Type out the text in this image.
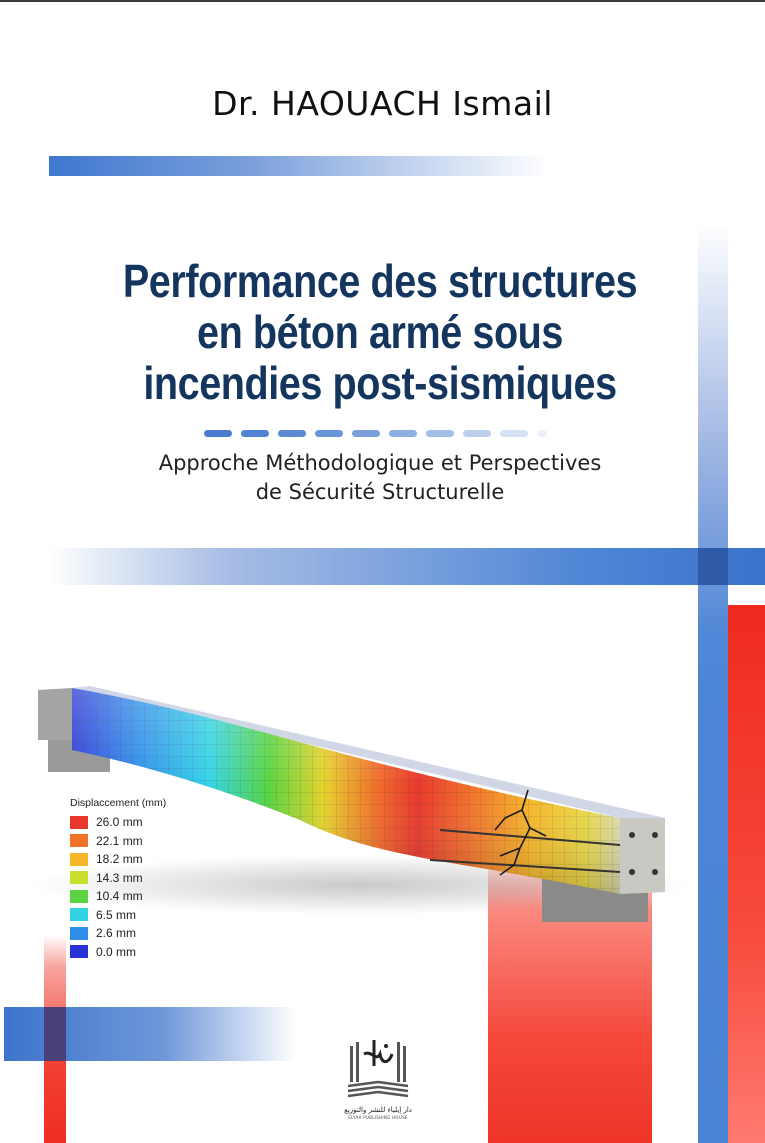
Dr. HAOUACH Ismail
Performance des structures
en béton armé sous
incendies post-sismiques
Approche Méthodologique et Perspectives
de Sécurité Structurelle
Displaccement (mm)
26.0 mm
22.1 mm
18.2 mm
14.3 mm
10.4 mm
6.5 mm
2.6 mm
0.0 mm
دار إيلياء للنشر والتوزيع
ELYAA PUBLISHING HOUSE
